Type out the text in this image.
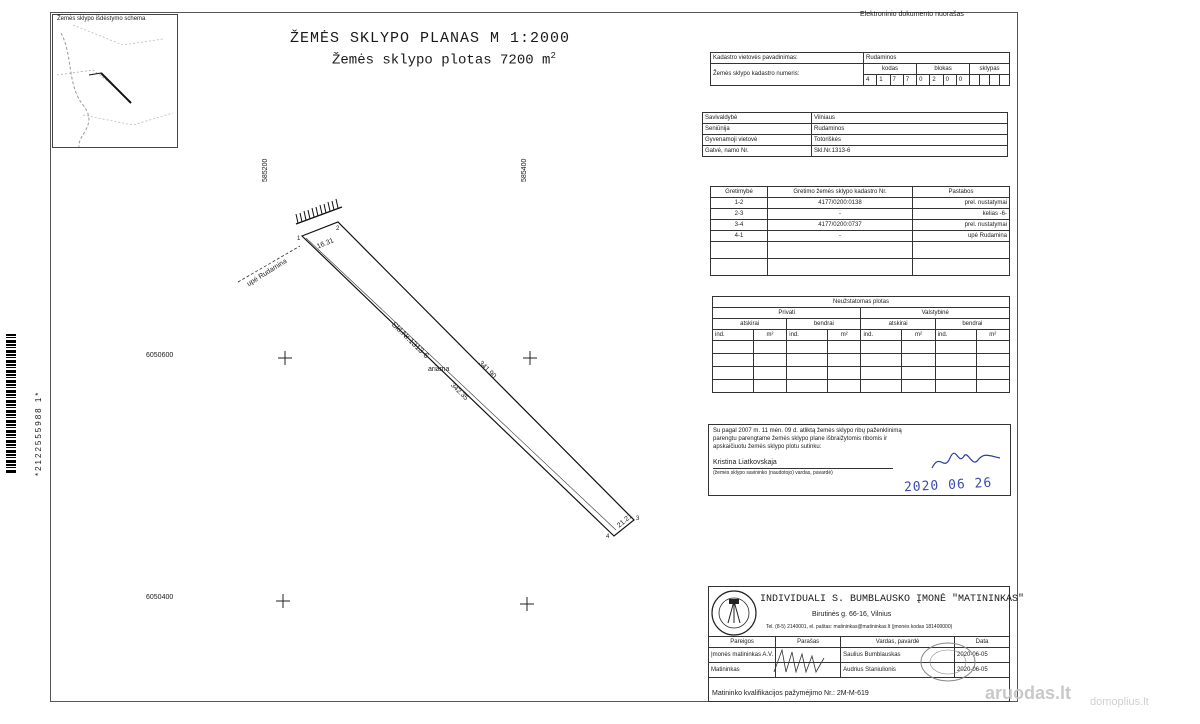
*2122555988 1*
Žemės sklypo išdėstymo schema
Elektroninio dokumento nuorašas
ŽEMĖS SKLYPO PLANAS M 1:2000
Žemės sklypo plotas 7200 $m^2$
585200	585400
6050600
6050400
upė Rudamina
16.31
Skl.Nr.1313-6
ariama	341.90
342.35
21.21
1
2
3
4
Kadastro vietovės pavadinimas:	Rudaminos											
Žemės sklypo kadastro numeris:	kodas				blokas				sklypas			
	4	1	7	7	0	2	0	0				
Savivaldybė	Vilniaus
Seniūnija	Rudaminos
Gyvenamoji vietovė	Totoriškės
Gatvė, namo Nr.	Skl.Nr.1313-6
Gretimybė	Gretimo žemės sklypo kadastro Nr.	Pastabos
1-2	4177/0200:0138	prel. nustatymai
2-3	-	kelias -6-
3-4	4177/0200:0737	prel. nustatymai
4-1	-	upė Rudamina

Neužstatomas plotas							
Privati				Valstybinė			
atskirai		bendrai		atskirai		bendrai	
ind.	m²	ind.	m²	ind.	m²	ind.	m²

Su pagal 2007 m. 11 mėn. 09 d. atliktą žemės sklypo ribų paženklinimą parengtu parengtame žemės sklypo plane išbraižytomis ribomis ir apskaičiuotu žemės sklypo plotu sutinku:
Kristina Liatkovskaja
(žemės sklypo savininko (naudotojo) vardas, pavardė)
2020 06 26
INDIVIDUALI S. BUMBLAUSKO ĮMONĖ "MATININKAS"
Birutinės g. 66-16, Vilnius
Tel. (8-5) 2140001, el. paštas: matininkas@matininkas.lt (įmonės kodas 181400000)
Pareigos	Parašas	Vardas, pavardė	Data
Įmonės matininkas A.V.		Saulius Bumblauskas	2020-06-05
Matininkas		Audrius Staniulionis	2020-06-05
Matininko kvalifikacijos pažymėjimo Nr.: 2M-M-619	aruodas.lt domoplius.lt
